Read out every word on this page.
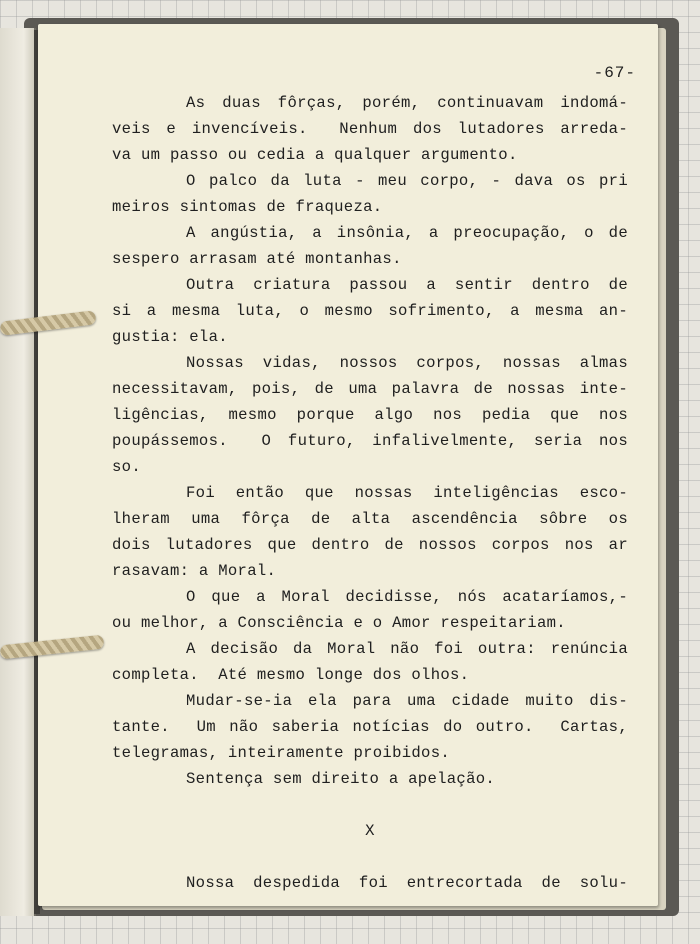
-67-
As duas fôrças, porém, continuavam indomá-
veis e invencíveis.  Nenhum dos lutadores arreda-
va um passo ou cedia a qualquer argumento.
O palco da luta - meu corpo, - dava os pri
meiros sintomas de fraqueza.
A angústia, a insônia, a preocupação, o de
sespero arrasam até montanhas.
Outra criatura passou a sentir dentro de
si a mesma luta, o mesmo sofrimento, a mesma an-
gustia: ela.
Nossas vidas, nossos corpos, nossas almas
necessitavam, pois, de uma palavra de nossas inte-
ligências, mesmo porque algo nos pedia que nos
poupássemos.  O futuro, infalivelmente, seria nos
so.
Foi então que nossas inteligências esco-
lheram uma fôrça de alta ascendência sôbre os
dois lutadores que dentro de nossos corpos nos ar
rasavam: a Moral.
O que a Moral decidisse, nós acataríamos,-
ou melhor, a Consciência e o Amor respeitariam.
A decisão da Moral não foi outra: renúncia
completa.  Até mesmo longe dos olhos.
Mudar-se-ia ela para uma cidade muito dis-
tante.  Um não saberia notícias do outro.  Cartas,
telegramas, inteiramente proibidos.
Sentença sem direito a apelação.
X
Nossa despedida foi entrecortada de solu-
